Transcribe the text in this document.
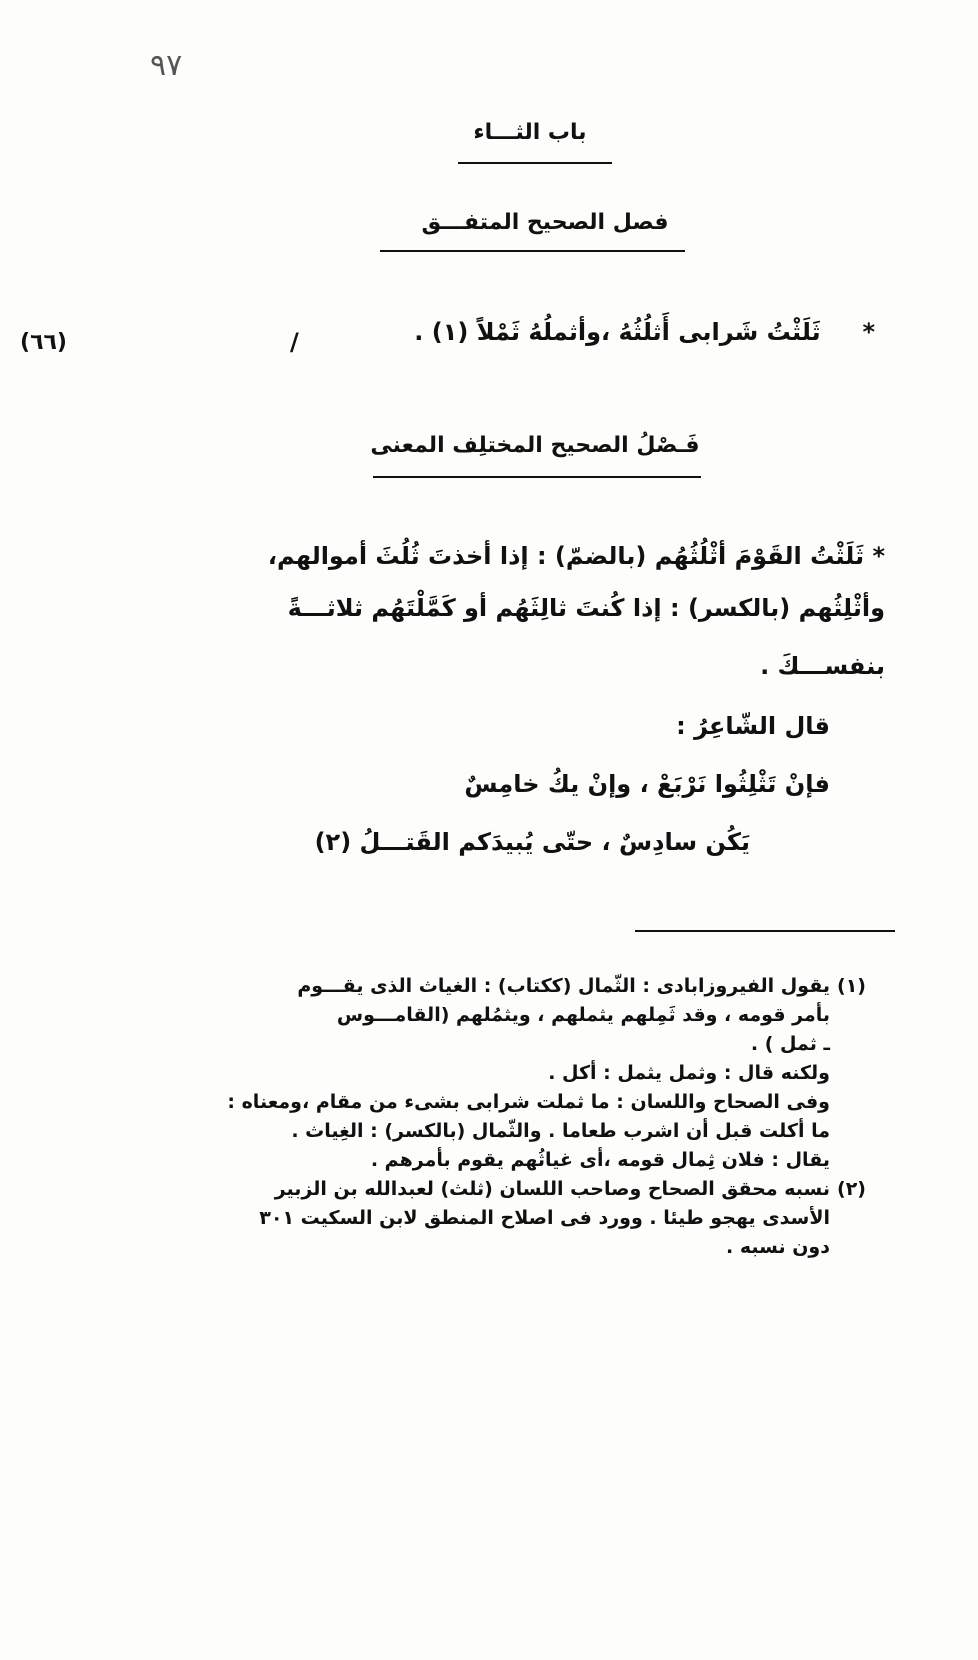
٩٧
باب الثـــاء
فصل الصحيح المتفـــق
*     ثَلَثْتُ شَرابى أَثلُثُهُ ،وأثملُهُ ثَمْلاً (١) .
/
(٦٦)
فَـصْلُ الصحيح المختلِف المعنى
* ثَلَثْتُ القَوْمَ أثْلُثُهُم (بالضمّ) : إذا أخذتَ ثُلُثَ أموالهم،
وأثْلِثُهم (بالكسر) : إذا كُنتَ ثالِثَهُم أو كَمَّلْتَهُم ثلاثـــةً
بنفســـكَ .
قال الشّاعِرُ :
فإنْ تَثْلِثُوا نَرْبَعْ ، وإنْ يكُ خامِسٌ
يَكُن سادِسٌ ، حتّى يُبيدَكم القَتـــلُ (٢)
(١)
يقول الفيروزابادى : الثّمال (ككتاب) : الغياث الذى يقـــوم
بأمر قومه ، وقد ثَمِلهم يثملهم ، ويثمُلهم (القامـــوس
ـ ثمل ) .
ولكنه قال : وثمل يثمل : أكل .
وفى الصحاح واللسان : ما ثملت شرابى بشىء من مقام ،ومعناه :
ما أكلت قبل أن اشرب طعاما . والثّمال (بالكسر) : الغِياث .
يقال : فلان ثِمال قومه ،أى غياثُهم يقوم بأمرهم .
(٢)
نسبه محقق الصحاح وصاحب اللسان (ثلث) لعبدالله بن الزبير
الأسدى يهجو طيئا . وورد فى اصلاح المنطق لابن السكيت ٣٠١
دون نسبه .
